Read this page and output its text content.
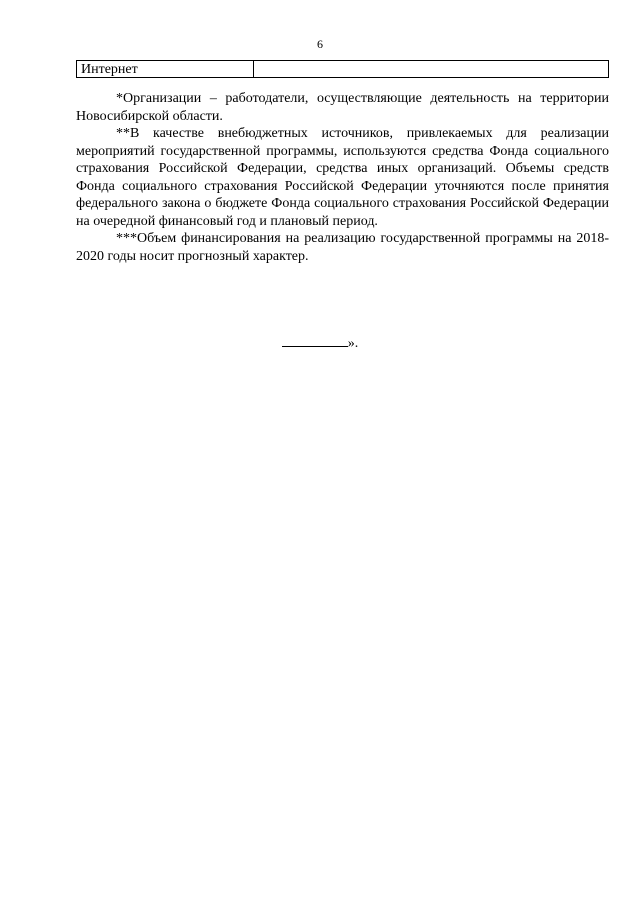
6
Интернет	

*Организации – работодатели, осуществляющие деятельность на территории Новосибирской области.

**В качестве внебюджетных источников, привлекаемых для реализации мероприятий государственной программы, используются средства Фонда социального страхования Российской Федерации, средства иных организаций. Объемы средств Фонда социального страхования Российской Федерации уточняются после принятия федерального закона о бюджете Фонда социального страхования Российской Федерации на очередной финансовый год и плановый период.

***Объем финансирования на реализацию государственной программы на 2018-2020 годы носит прогнозный характер.

».
